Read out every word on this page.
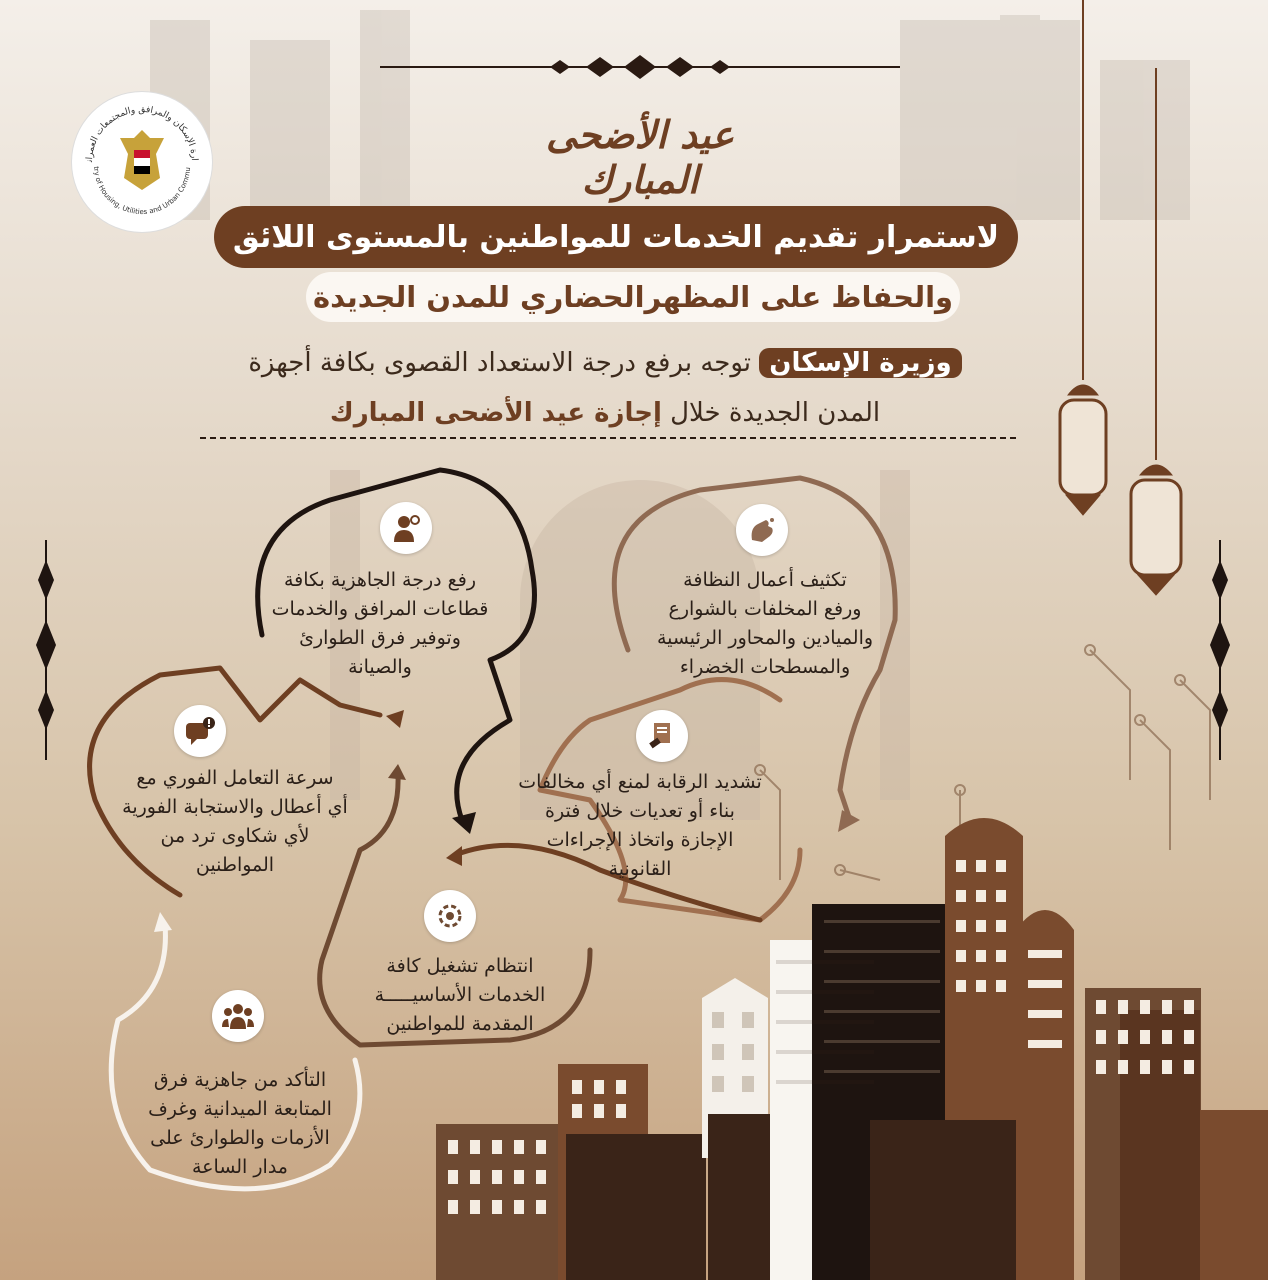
ارة الإسكان والمرافق والمجتمعات العمران
try of Housing, Utilities and Urban Commu
عيد الأضحى المبارك
لاستمرار تقديم الخدمات للمواطنين بالمستوى اللائق
والحفاظ على المظهرالحضاري للمدن الجديدة
وزيرة الإسكان توجه برفع درجة الاستعداد القصوى بكافة أجهزة
المدن الجديدة خلال إجازة عيد الأضحى المبارك
رفع درجة الجاهزية بكافة
قطاعات المرافق والخدمات
وتوفير فرق الطوارئ
والصيانة
تكثيف أعمال النظافة
ورفع المخلفات بالشوارع
والميادين والمحاور الرئيسية
والمسطحات الخضراء
سرعة التعامل الفوري مع
أي أعطال والاستجابة الفورية
لأي شكاوى ترد من
المواطنين
تشديد الرقابة لمنع أي مخالفات
بناء أو تعديات خلال فترة
الإجازة واتخاذ الإجراءات
القانونية
انتظام تشغيل كافة
الخدمات الأساسيـــــة
المقدمة للمواطنين
التأكد من جاهزية فرق
المتابعة الميدانية وغرف
الأزمات والطوارئ على
مدار الساعة
